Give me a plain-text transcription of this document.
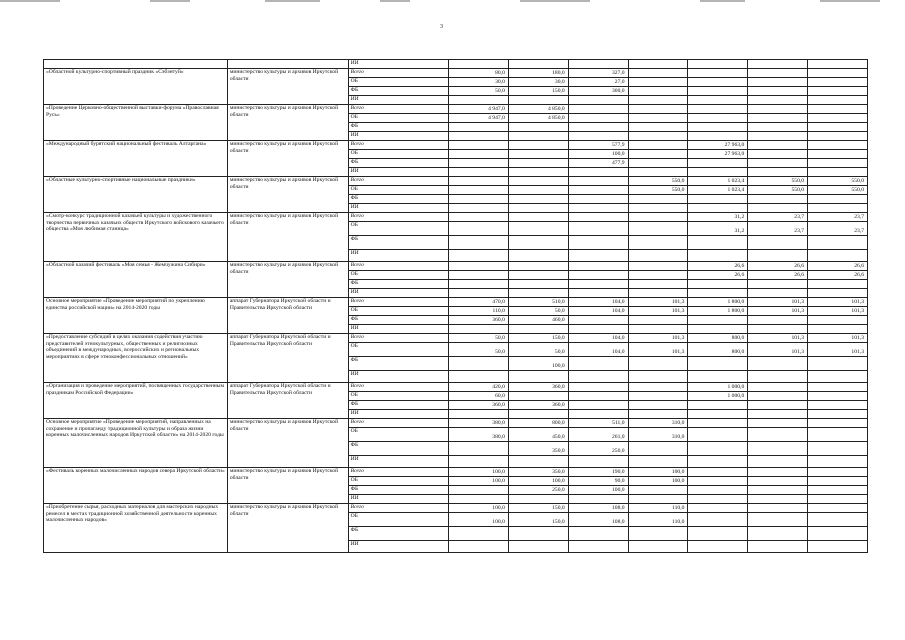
3
		ИИ							
«Областной культурно-спортивный праздник «Сэбэнтуй»	министерство культуры и архивов Иркутской области	Всего	80,0	180,0	327,0				
		ОБ	30,0	30,0	27,0				
		ФБ	50,0	150,0	300,0				
		ИИ							
«Проведение Церковно-общественной выставки-форума «Православная Русь»	министерство культуры и архивов Иркутской области	Всего	4 947,0	4 850,0					
		ОБ	4 947,0	4 850,0					
		ФБ							
		ИИ							
«Международный бурятский национальный фестиваль Алтаргана»	министерство культуры и архивов Иркутской области	Всего			577,9		27 963,0		
		ОБ			100,0		27 963,0		
		ФБ			477,9				
		ИИ							
«Областные культурно-спортивные национальные праздники»	министерство культуры и архивов Иркутской области	Всего				550,0	1 023,4	550,0	550,0
		ОБ				550,0	1 023,4	550,0	550,0
		ФБ							
		ИИ							
«Смотр-конкурс традиционной казачьей культуры и художественного творчества первичных казачьих обществ Иркутского войскового казачьего общества «Моя любимая станица»	министерство культуры и архивов Иркутской области	Всего					31,2	23,7	23,7
		ОБ					31,2	23,7	23,7
		ФБ							
		ИИ							
«Областной казачий фестиваль «Моя семья - Жемчужина Сибири»	министерство культуры и архивов Иркутской области	Всего					26,6	26,6	26,6
		ОБ					26,6	26,6	26,6
		ФБ							
		ИИ							
Основное мероприятие «Проведение мероприятий по укреплению единства российской нации» на 2014-2020 годы	аппарат Губернатора Иркутской области и Правительства Иркутской области	Всего	470,0	510,0	104,0	101,3	1 800,0	101,3	101,3
		ОБ	110,0	50,0	104,0	101,3	1 800,0	101,3	101,3
		ФБ	360,0	460,0					
		ИИ							
«Предоставление субсидий в целях оказания содействия участию представителей этнокультурных, общественных и религиозных объединений в международных, всероссийских и региональных мероприятиях в сфере этноконфессиональных отношений»	аппарат Губернатора Иркутской области и Правительства Иркутской области	Всего	50,0	150,0	104,0	101,3	800,0	101,3	101,3
		ОБ	50,0	50,0	104,0	101,3	800,0	101,3	101,3
		ФБ		100,0					
		ИИ							
«Организация и проведение мероприятий, посвященных государственным праздникам Российской Федерации»	аппарат Губернатора Иркутской области и Правительства Иркутской области	Всего	420,0	360,0			1 000,0		
		ОБ	60,0				1 000,0		
		ФБ	360,0	360,0					
		ИИ							
Основное мероприятие «Проведение мероприятий, направленных на сохранение и пропаганду традиционной культуры и образа жизни коренных малочисленных народов Иркутской области» на 2014-2020 годы	министерство культуры и архивов Иркутской области	Всего	380,0	800,0	511,0	310,0			
		ОБ	380,0	450,0	261,0	310,0			
		ФБ		350,0	250,0				
		ИИ							
«Фестиваль коренных малочисленных народов севера Иркутской области»	министерство культуры и архивов Иркутской области	Всего	100,0	350,0	190,0	100,0			
		ОБ	100,0	100,0	90,0	100,0			
		ФБ		250,0	100,0				
		ИИ							
«Приобретение сырья, расходных материалов для мастерских народных ремесел в местах традиционной хозяйственной деятельности коренных малочисленных народов»	министерство культуры и архивов Иркутской области	Всего	100,0	150,0	108,0	110,0			
		ОБ	100,0	150,0	108,0	110,0			
		ФБ							
		ИИ							
